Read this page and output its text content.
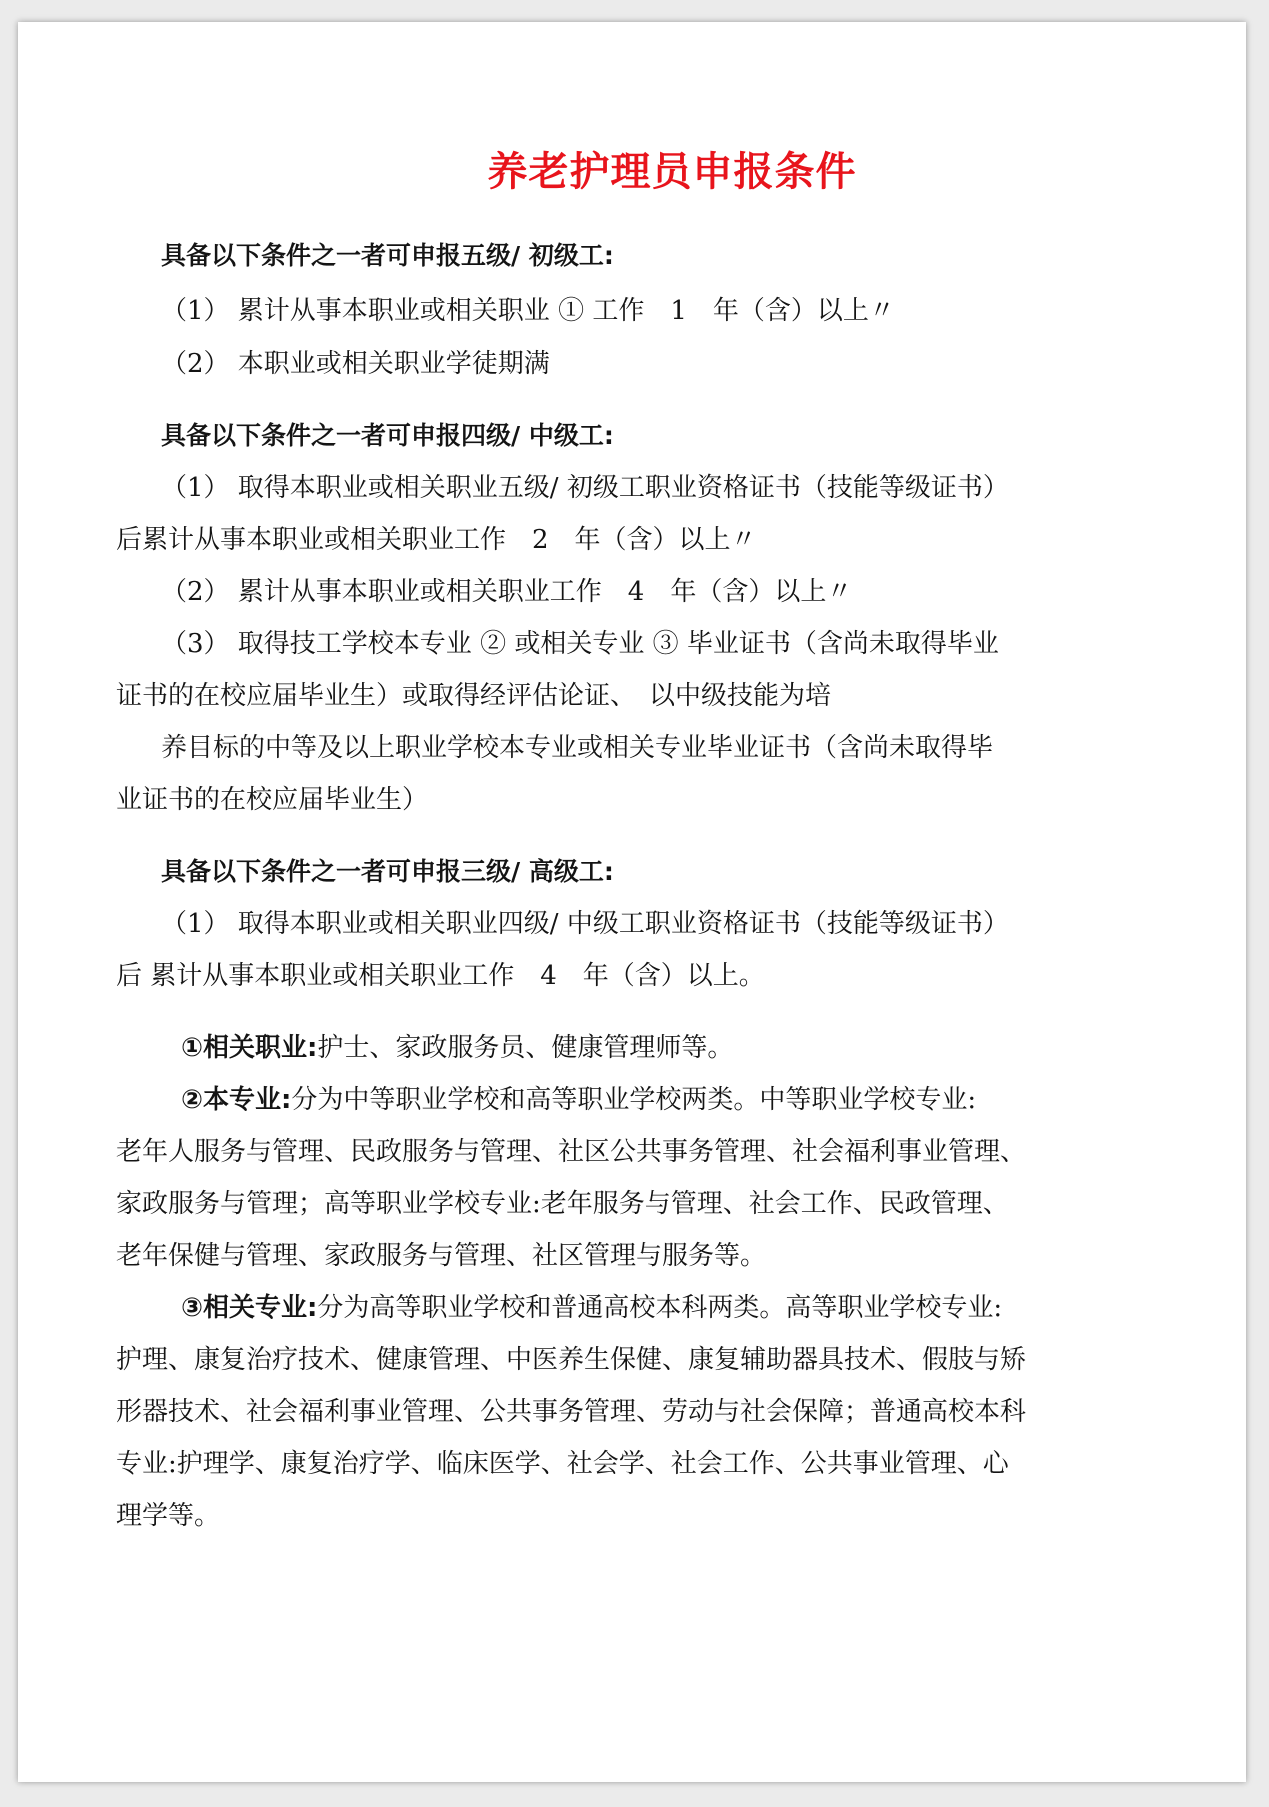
养老护理员申报条件
具备以下条件之一者可申报五级/ 初级工:
（1） 累计从事本职业或相关职业 ① 工作　1　年（含）以上〃
（2） 本职业或相关职业学徒期满
具备以下条件之一者可申报四级/ 中级工:
（1） 取得本职业或相关职业五级/ 初级工职业资格证书（技能等级证书）
后累计从事本职业或相关职业工作　2　年（含）以上〃
（2） 累计从事本职业或相关职业工作　4　年（含）以上〃
（3） 取得技工学校本专业 ② 或相关专业 ③ 毕业证书（含尚未取得毕业
证书的在校应届毕业生）或取得经评估论证、　以中级技能为培
养目标的中等及以上职业学校本专业或相关专业毕业证书（含尚未取得毕
业证书的在校应届毕业生）
具备以下条件之一者可申报三级/ 高级工:
（1） 取得本职业或相关职业四级/ 中级工职业资格证书（技能等级证书）
后 累计从事本职业或相关职业工作　4　年（含）以上。
①相关职业:护士、家政服务员、健康管理师等。
②本专业:分为中等职业学校和高等职业学校两类。中等职业学校专业:
老年人服务与管理、民政服务与管理、社区公共事务管理、社会福利事业管理、
家政服务与管理；高等职业学校专业:老年服务与管理、社会工作、民政管理、
老年保健与管理、家政服务与管理、社区管理与服务等。
③相关专业:分为高等职业学校和普通高校本科两类。高等职业学校专业:
护理、康复治疗技术、健康管理、中医养生保健、康复辅助器具技术、假肢与矫
形器技术、社会福利事业管理、公共事务管理、劳动与社会保障；普通高校本科
专业:护理学、康复治疗学、临床医学、社会学、社会工作、公共事业管理、心
理学等。
